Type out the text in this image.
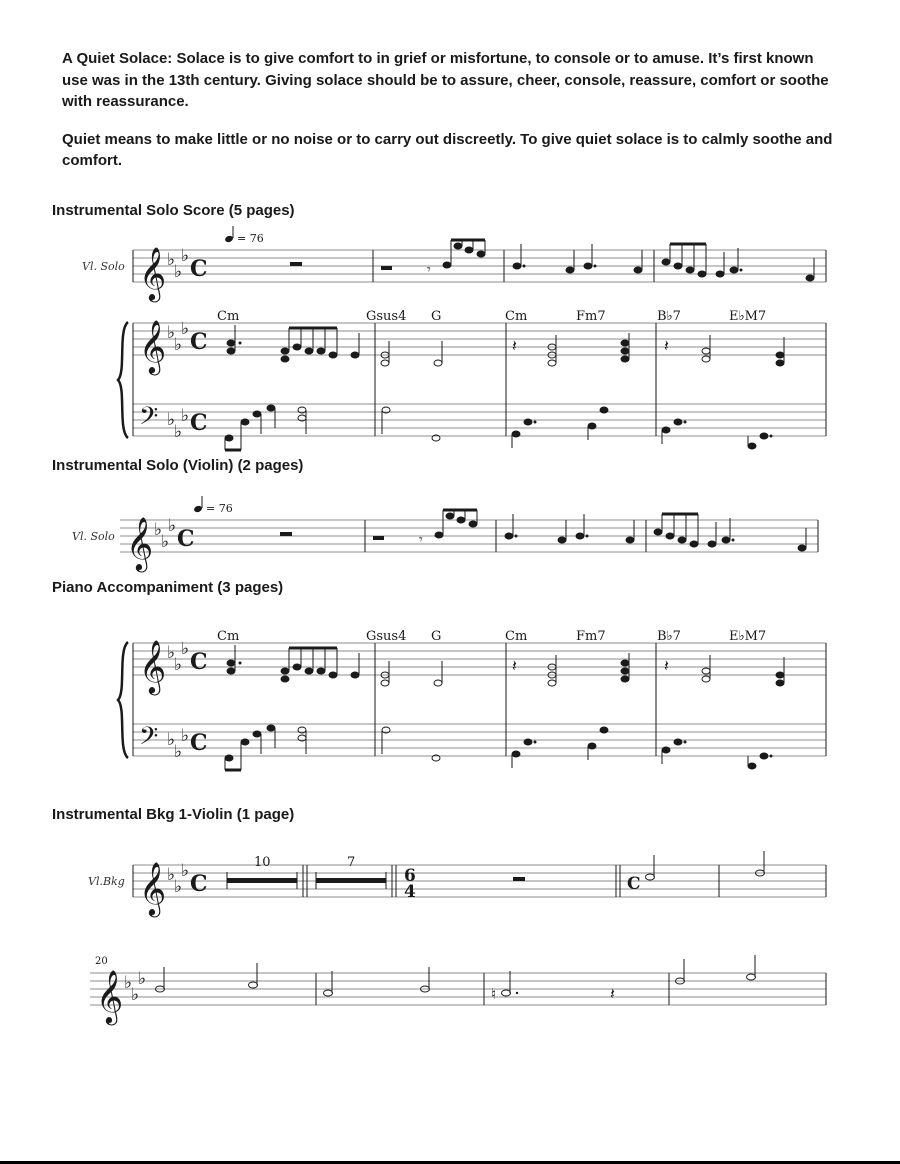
A Quiet Solace: Solace is to give comfort to in grief or misfortune, to console or to amuse. It’s first known use was in the 13th century. Giving solace should be to assure, cheer, console, reassure, comfort or soothe with reassurance.

Quiet means to make little or no noise or to carry out discreetly. To give quiet solace is to calmly soothe and comfort.

Instrumental Solo Score (5 pages)
Instrumental Solo (Violin) (2 pages)
Piano Accompaniment (3 pages)
Instrumental Bkg 1-Violin (1 page)
Vl. Solo 𝄞 ♭
♭
♭ C
= 76
𝄾
𝄞
𝄢
♭
♭
♭
♭
♭
♭
C
C
Cm	Gsus4 G	Cm	Fm7	B♭7	E♭M7
𝄽	𝄽
Vl. Solo 𝄞 ♭
♭
♭ C
= 76
𝄾
𝄞
𝄢
♭
♭
♭
♭
♭
♭
C
C
Cm	Gsus4 G	Cm	Fm7	B♭7	E♭M7
𝄽	𝄽
Vl.Bkg 𝄞 ♭
♭
♭ C
10	7
6
4	C
20
𝄞 ♭
♭
♭
♮	𝄽
